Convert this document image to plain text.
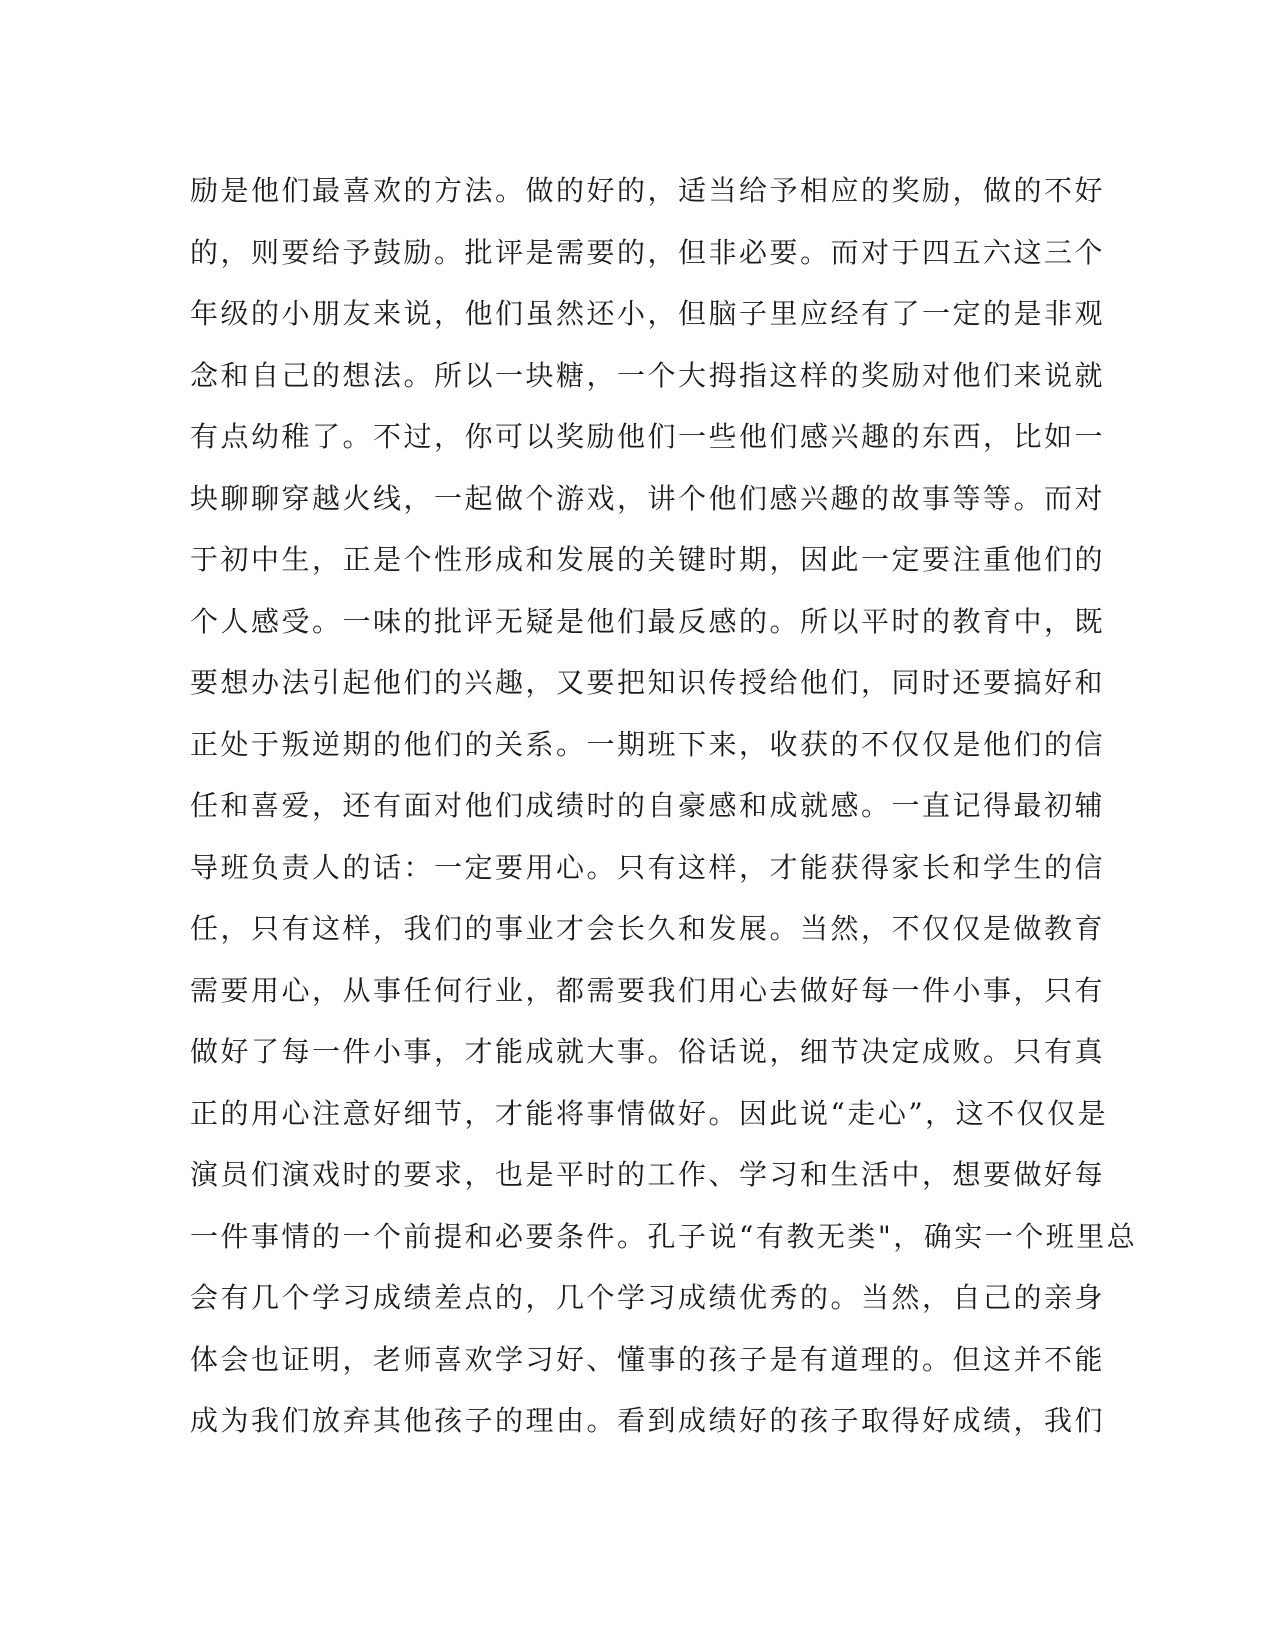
励是他们最喜欢的方法。做的好的，适当给予相应的奖励，做的不好
的，则要给予鼓励。批评是需要的，但非必要。而对于四五六这三个
年级的小朋友来说，他们虽然还小，但脑子里应经有了一定的是非观
念和自己的想法。所以一块糖，一个大拇指这样的奖励对他们来说就
有点幼稚了。不过，你可以奖励他们一些他们感兴趣的东西，比如一
块聊聊穿越火线，一起做个游戏，讲个他们感兴趣的故事等等。而对
于初中生，正是个性形成和发展的关键时期，因此一定要注重他们的
个人感受。一味的批评无疑是他们最反感的。所以平时的教育中，既
要想办法引起他们的兴趣，又要把知识传授给他们，同时还要搞好和
正处于叛逆期的他们的关系。一期班下来，收获的不仅仅是他们的信
任和喜爱，还有面对他们成绩时的自豪感和成就感。一直记得最初辅
导班负责人的话：一定要用心。只有这样，才能获得家长和学生的信
任，只有这样，我们的事业才会长久和发展。当然，不仅仅是做教育
需要用心，从事任何行业，都需要我们用心去做好每一件小事，只有
做好了每一件小事，才能成就大事。俗话说，细节决定成败。只有真
正的用心注意好细节，才能将事情做好。因此说“走心”，这不仅仅是
演员们演戏时的要求，也是平时的工作、学习和生活中，想要做好每
一件事情的一个前提和必要条件。孔子说“有教无类"，确实一个班里总
会有几个学习成绩差点的，几个学习成绩优秀的。当然，自己的亲身
体会也证明，老师喜欢学习好、懂事的孩子是有道理的。但这并不能
成为我们放弃其他孩子的理由。看到成绩好的孩子取得好成绩，我们
